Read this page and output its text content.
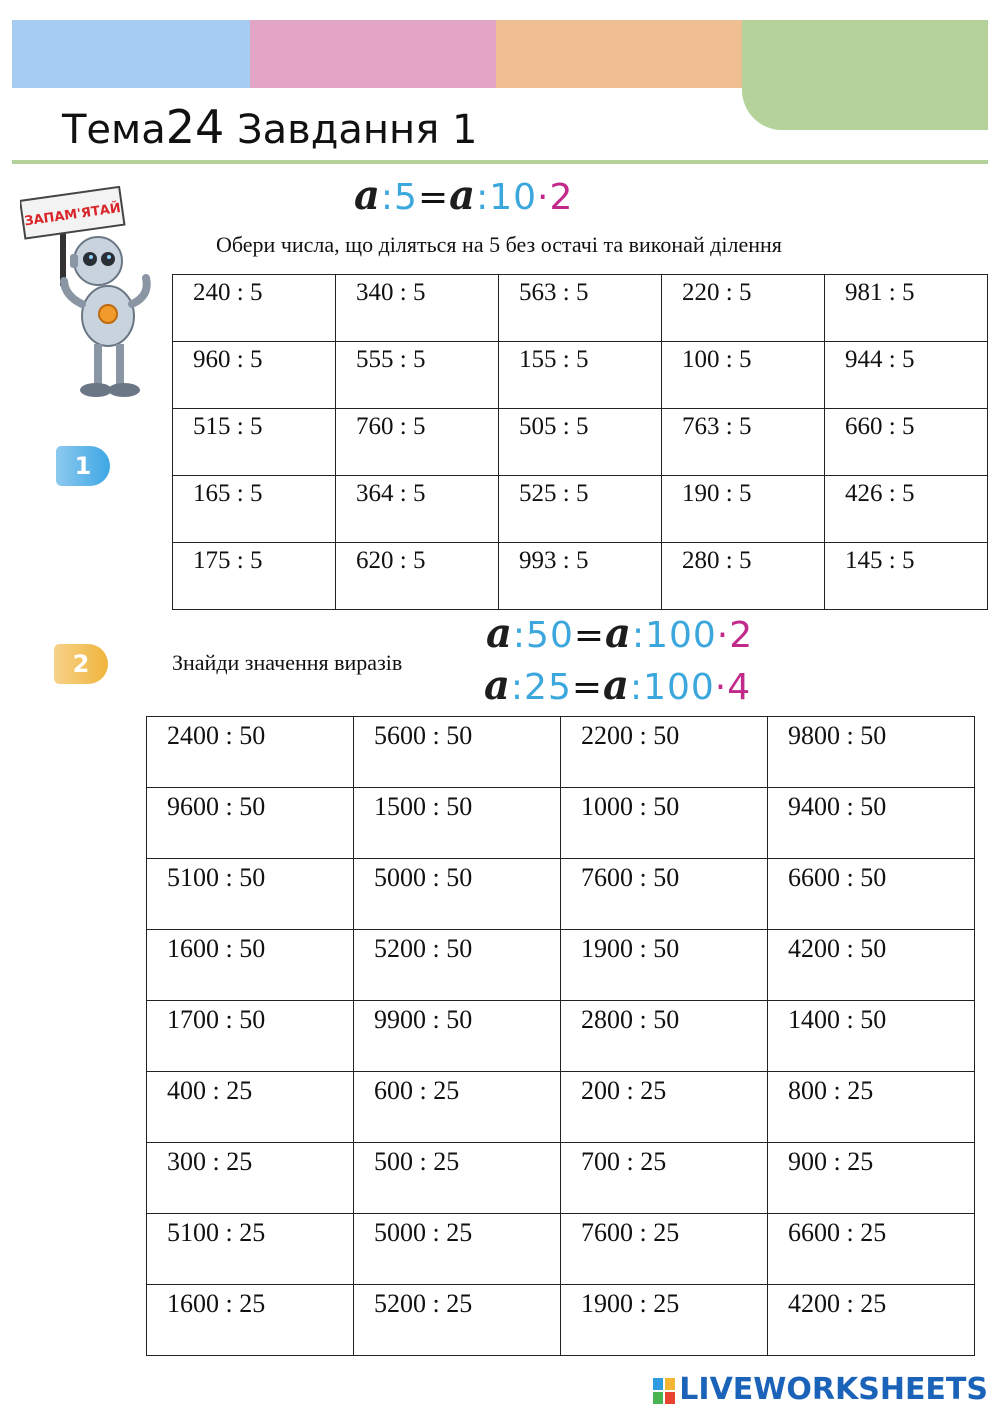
Тема24 Завдання 1
ЗАПАМ'ЯТАЙ	a:5=a:10·2
Обери числа, що діляться на 5 без остачі та виконай ділення
1
240 : 5	340 : 5	563 : 5	220 : 5	981 : 5

960 : 5	555 : 5	155 : 5	100 : 5	944 : 5

515 : 5	760 : 5	505 : 5	763 : 5	660 : 5

165 : 5	364 : 5	525 : 5	190 : 5	426 : 5

175 : 5	620 : 5	993 : 5	280 : 5	145 : 5
2	Знайди значення виразів
a:50=a:100·2
a:25=a:100·4
2400 : 50	5600 : 50	2200 : 50	9800 : 50

9600 : 50	1500 : 50	1000 : 50	9400 : 50

5100 : 50	5000 : 50	7600 : 50	6600 : 50

1600 : 50	5200 : 50	1900 : 50	4200 : 50

1700 : 50	9900 : 50	2800 : 50	1400 : 50

400 : 25	600 : 25	200 : 25	800 : 25

300 : 25	500 : 25	700 : 25	900 : 25

5100 : 25	5000 : 25	7600 : 25	6600 : 25

1600 : 25	5200 : 25	1900 : 25	4200 : 25
LIVEWORKSHEETS
